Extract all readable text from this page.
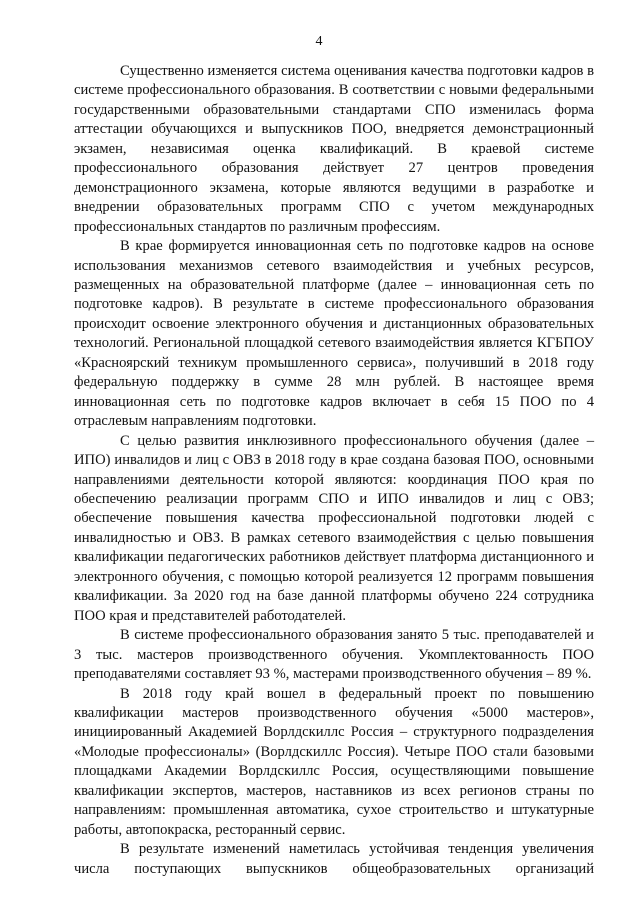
4

Существенно изменяется система оценивания качества подготовки кадров в системе профессионального образования. В соответствии с новыми федеральными государственными образовательными стандартами СПО изменилась форма аттестации обучающихся и выпускников ПОО, внедряется демонстрационный экзамен, независимая оценка квалификаций. В краевой системе профессионального образования действует 27 центров проведения демонстрационного экзамена, которые являются ведущими в разработке и внедрении образовательных программ СПО с учетом международных профессиональных стандартов по различным профессиям.

В крае формируется инновационная сеть по подготовке кадров на основе использования механизмов сетевого взаимодействия и учебных ресурсов, размещенных на образовательной платформе (далее – инновационная сеть по подготовке кадров). В результате в системе профессионального образования происходит освоение электронного обучения и дистанционных образовательных технологий. Региональной площадкой сетевого взаимодействия является КГБПОУ «Красноярский техникум промышленного сервиса», получивший в 2018 году федеральную поддержку в сумме 28 млн рублей. В настоящее время инновационная сеть по подготовке кадров включает в себя 15 ПОО по 4 отраслевым направлениям подготовки.

С целью развития инклюзивного профессионального обучения (далее – ИПО) инвалидов и лиц с ОВЗ в 2018 году в крае создана базовая ПОО, основными направлениями деятельности которой являются: координация ПОО края по обеспечению реализации программ СПО и ИПО инвалидов и лиц с ОВЗ; обеспечение повышения качества профессиональной подготовки людей с инвалидностью и ОВЗ. В рамках сетевого взаимодействия с целью повышения квалификации педагогических работников действует платформа дистанционного и электронного обучения, с помощью которой реализуется 12 программ повышения квалификации. За 2020 год на базе данной платформы обучено 224 сотрудника ПОО края и представителей работодателей.

В системе профессионального образования занято 5 тыс. преподавателей и 3 тыс. мастеров производственного обучения. Укомплектованность ПОО преподавателями составляет 93 %, мастерами производственного обучения – 89 %.

В 2018 году край вошел в федеральный проект по повышению квалификации мастеров производственного обучения «5000 мастеров», инициированный Академией Ворлдскиллс Россия – структурного подразделения «Молодые профессионалы» (Ворлдскиллс Россия). Четыре ПОО стали базовыми площадками Академии Ворлдскиллс Россия, осуществляющими повышение квалификации экспертов, мастеров, наставников из всех регионов страны по направлениям: промышленная автоматика, сухое строительство и штукатурные работы, автопокраска, ресторанный сервис.

В результате изменений наметилась устойчивая тенденция увеличения числа поступающих выпускников общеобразовательных организаций
